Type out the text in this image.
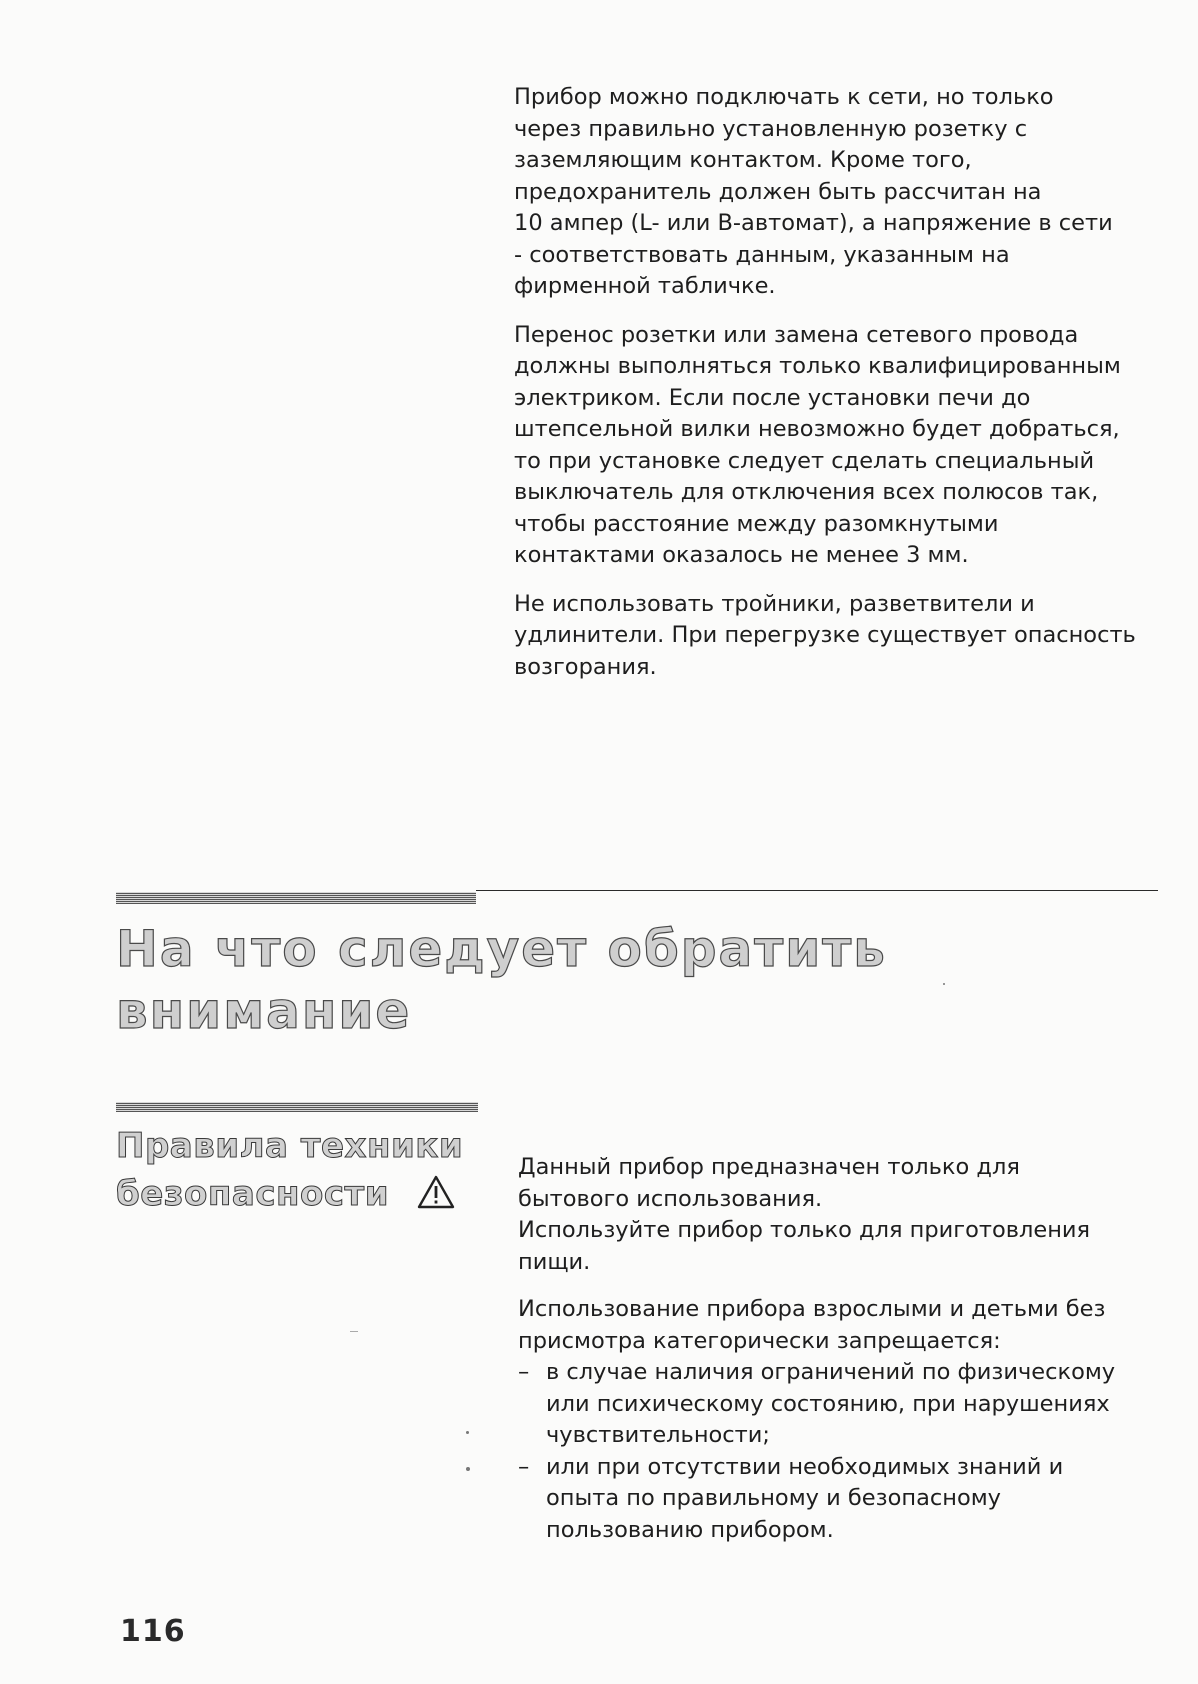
Прибор можно подключать к сети, но только
через правильно установленную розетку с
заземляющим контактом. Кроме того,
предохранитель должен быть рассчитан на
10 ампер (L- или B-автомат), а напряжение в сети
- соответствовать данным, указанным на
фирменной табличке.

Перенос розетки или замена сетевого провода
должны выполняться только квалифицированным
электриком. Если после установки печи до
штепсельной вилки невозможно будет добраться,
то при установке следует сделать специальный
выключатель для отключения всех полюсов так,
чтобы расстояние между разомкнутыми
контактами оказалось не менее 3 мм.

Не использовать тройники, разветвители и
удлинители. При перегрузке существует опасность
возгорания.

На что следует обратить
внимание
Правила техники
безопасности

Данный прибор предназначен только для
бытового использования.
Используйте прибор только для приготовления
пищи.

Использование прибора взрослыми и детьми без
присмотра категорически запрещается:

– в случае наличия ограничений по физическому
или психическому состоянию, при нарушениях
чувствительности;
– или при отсутствии необходимых знаний и
опыта по правильному и безопасному
пользованию прибором.
116
